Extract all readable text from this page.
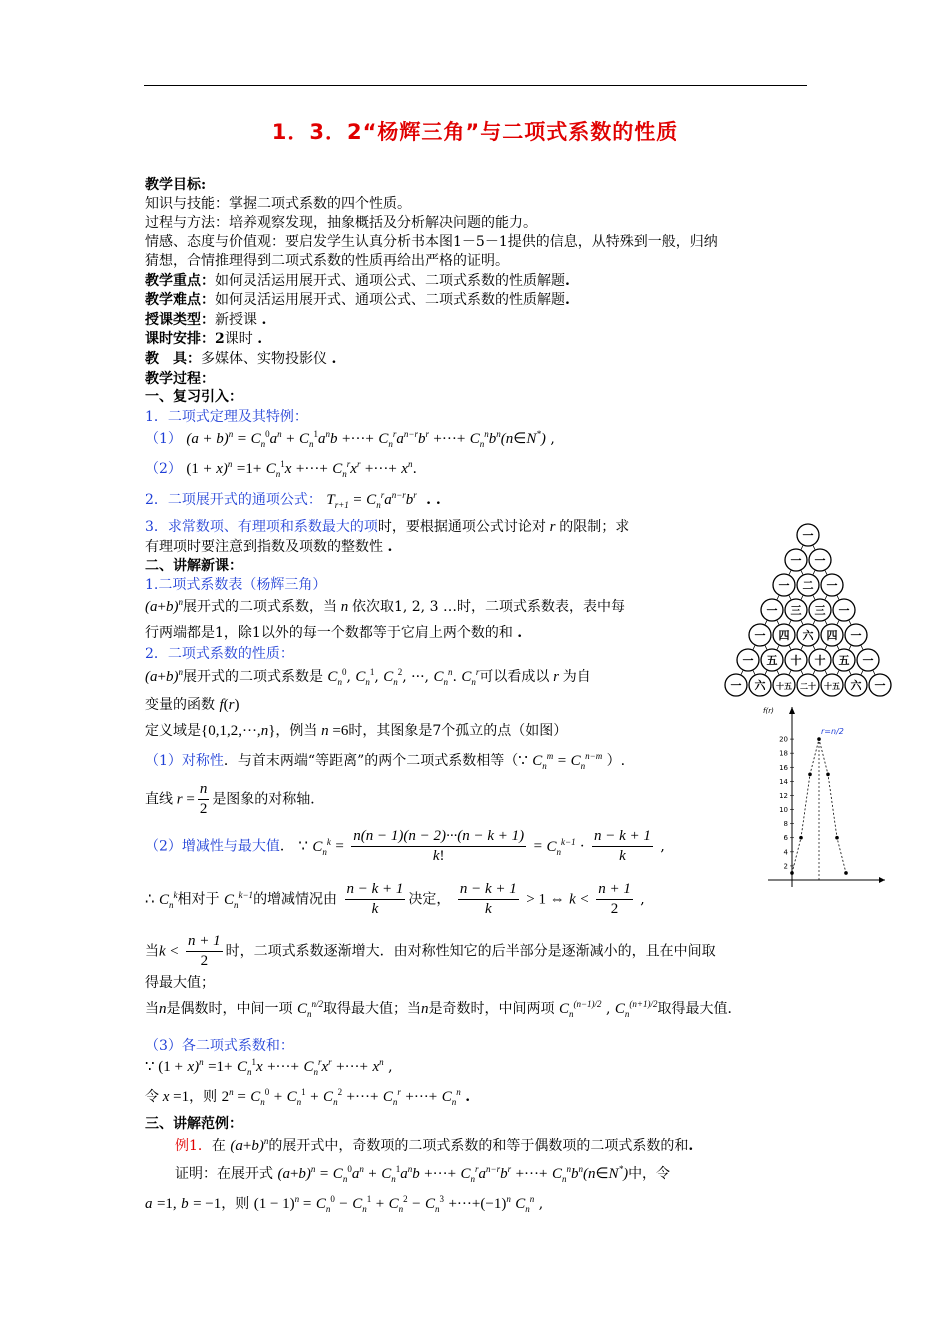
1．3．2“杨辉三角”与二项式系数的性质
教学目标:
知识与技能：掌握二项式系数的四个性质。
过程与方法：培养观察发现，抽象概括及分析解决问题的能力。
情感、态度与价值观：要启发学生认真分析书本图1－5－1提供的信息，从特殊到一般，归纳
猜想，合情推理得到二项式系数的性质再给出严格的证明。
教学重点：如何灵活运用展开式、通项公式、二项式系数的性质解题.
教学难点：如何灵活运用展开式、通项公式、二项式系数的性质解题.
授课类型：新授课 .
课时安排：2课时 .
教　具：多媒体、实物投影仪 .
教学过程：
一、复习引入：
1．二项式定理及其特例：
（1） $(a + b)^n = C_n^0a^n + C_n^1a^nb$ +···+ $C_n^ra^{n-r}b^r$ +···+ $C_n^nb^n(n\in N^*)$ ,
（2） $(1 + x)^n =1+ C_n^1x$ +···+ $C_n^rx^r$ +···+ $x^n$.
2．二项展开式的通项公式： $T_{r+1} = C_n^ra^{n-r}b^r$  . .
3．求常数项、有理项和系数最大的项时，要根据通项公式讨论对 r 的限制；求
有理项时要注意到指数及项数的整数性 .
二、讲解新课：
1.二项式系数表（杨辉三角）
$(a+b)^n$展开式的二项式系数，当 n 依次取1, 2, 3 …时，二项式系数表，表中每
行两端都是1，除1以外的每一个数都等于它肩上两个数的和 .
2．二项式系数的性质：
$(a+b)^n$展开式的二项式系数是 $C_n^0$, $C_n^1$, $C_n^2$, ···, $C_n^n$. $C_n^r$可以看成以 r 为自
变量的函数 f(r)
定义域是{0,1,2,···,n}，例当 n =6时，其图象是7个孤立的点（如图）
（1）对称性．与首末两端“等距离”的两个二项式系数相等（∵ $C_n^m = C_n^{n-m}$ ）.
直线 $r = \frac{n}{2}$ 是图象的对称轴．
（2）增减性与最大值． ∵ $C_n^k = \frac{n(n - 1)(n - 2)\cdot\cdot\cdot(n - k + 1)}{k!} = C_n^{k-1} \cdot \frac{n - k + 1}{k}$ ,
∴ $C_n^k$相对于 $C_n^{k-1}$的增减情况由 $\frac{n - k + 1}{k}$ 决定， $\frac{n - k + 1}{k} > 1$ ⇔ $k < \frac{n + 1}{2}$ ,
当$k < \frac{n + 1}{2}$ 时，二项式系数逐渐增大．由对称性知它的后半部分是逐渐减小的，且在中间取
得最大值；
当n是偶数时，中间一项 $C_n^{n/2}$取得最大值；当n是奇数时，中间两项 $C_n^{(n-1)/2}$ , $C_n^{(n+1)/2}$取得最大值．
（3）各二项式系数和：
∵ $(1 + x)^n =1+ C_n^1x$ +···+ $C_n^rx^r$ +···+ $x^n$ ,
令 x =1，则 $2^n = C_n^0 + C_n^1 + C_n^2$ +···+ $C_n^r$ +···+ $C_n^n$ .
三、讲解范例：
例1．在 $(a+b)^n$的展开式中，奇数项的二项式系数的和等于偶数项的二项式系数的和.
证明：在展开式 $(a+b)^n = C_n^0a^n + C_n^1a^nb$ +···+ $C_n^ra^{n-r}b^r$ +···+ $C_n^nb^n(n\in N^*)$中，令
a =1, b = −1，则 $(1 - 1)^n = C_n^0 - C_n^1 + C_n^2 - C_n^3 +\cdot\cdot\cdot+(-1)^n$ $C_n^n$ ,
一
一 一
一 二 一
一 三 三 一
一 四 六 四 一
一 五 十 十 五 一
一 六 十五 二十 十五 六 一
f(r)
r=n/2
2
4
6
8
10
12
14
16
18
20
